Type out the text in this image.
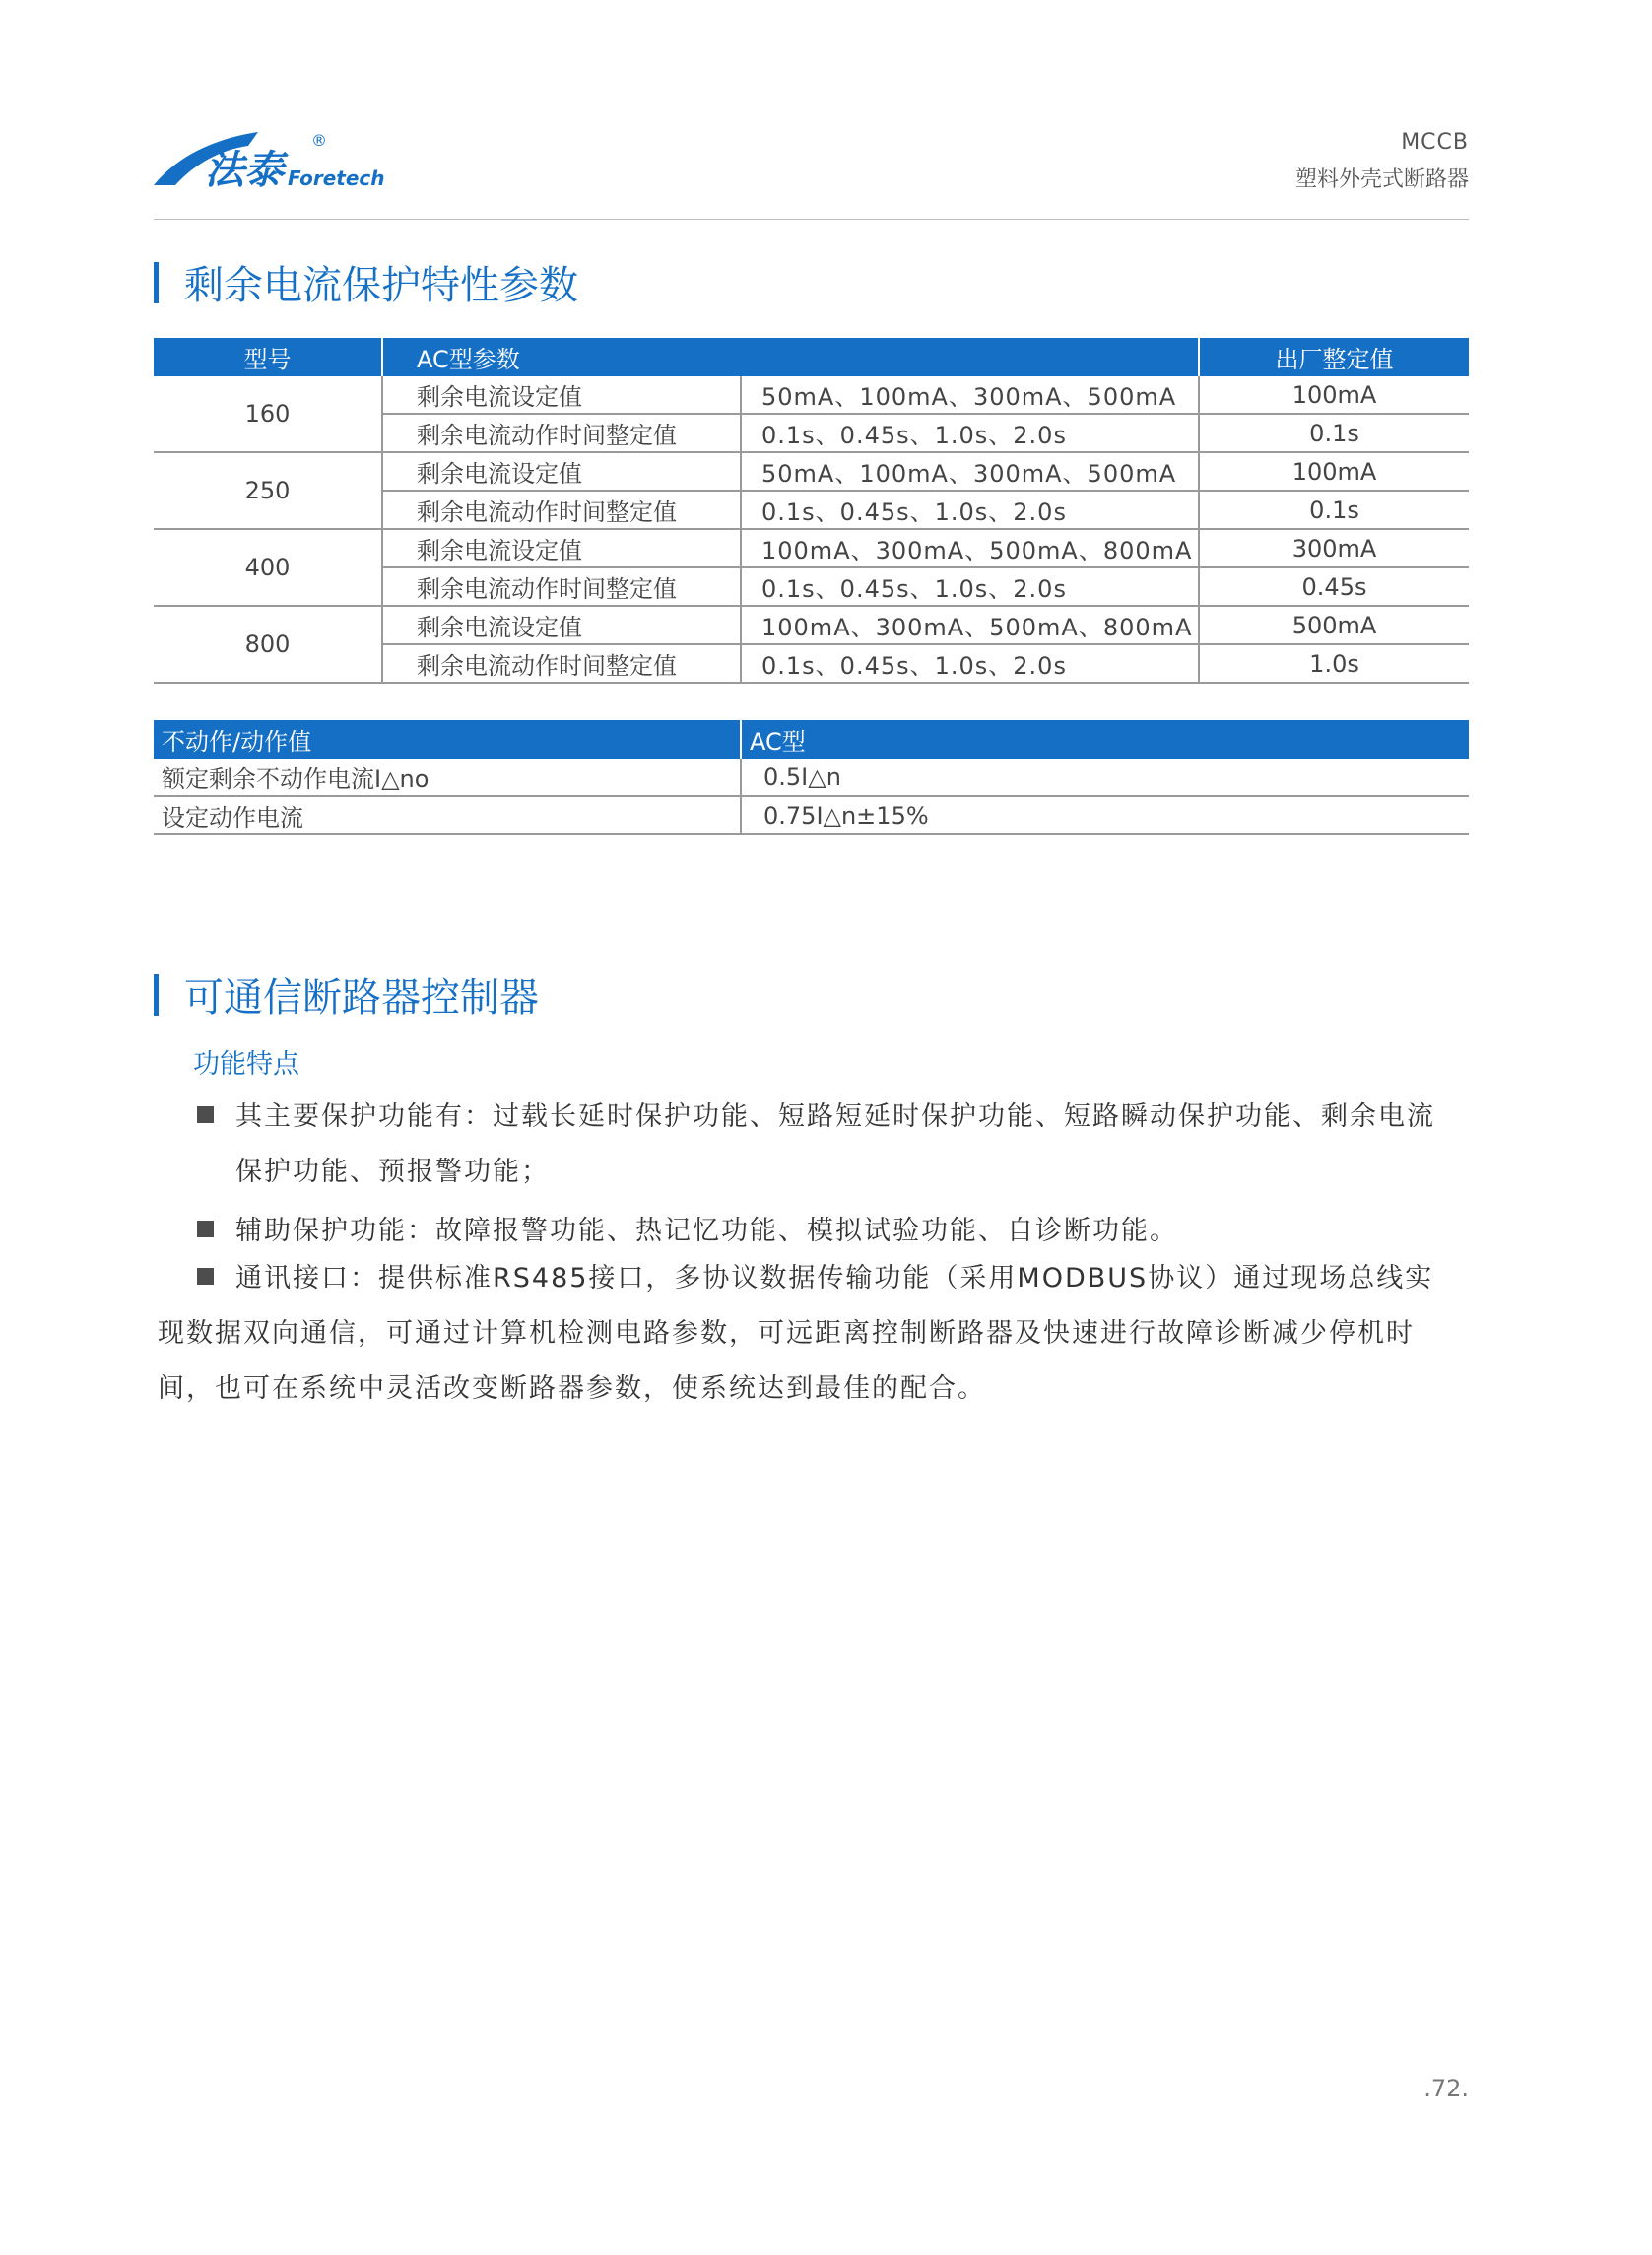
法泰 Foretech
®	MCCB
塑料外壳式断路器
剩余电流保护特性参数
型号	AC型参数		出厂整定值
160	剩余电流设定值	50mA、100mA、300mA、500mA	100mA
	剩余电流动作时间整定值	0.1s、0.45s、1.0s、2.0s	0.1s
250	剩余电流设定值	50mA、100mA、300mA、500mA	100mA
	剩余电流动作时间整定值	0.1s、0.45s、1.0s、2.0s	0.1s
400	剩余电流设定值	100mA、300mA、500mA、800mA	300mA
	剩余电流动作时间整定值	0.1s、0.45s、1.0s、2.0s	0.45s
800	剩余电流设定值	100mA、300mA、500mA、800mA	500mA
	剩余电流动作时间整定值	0.1s、0.45s、1.0s、2.0s	1.0s
不动作/动作值	AC型
额定剩余不动作电流I△no	0.5I△n
设定动作电流	0.75I△n±15%
可通信断路器控制器
功能特点
其主要保护功能有：过载长延时保护功能、短路短延时保护功能、短路瞬动保护功能、剩余电流
保护功能、预报警功能；
辅助保护功能：故障报警功能、热记忆功能、模拟试验功能、自诊断功能。
通讯接口：提供标准RS485接口，多协议数据传输功能（采用MODBUS协议）通过现场总线实
现数据双向通信，可通过计算机检测电路参数，可远距离控制断路器及快速进行故障诊断减少停机时
间，也可在系统中灵活改变断路器参数，使系统达到最佳的配合。
.72.
